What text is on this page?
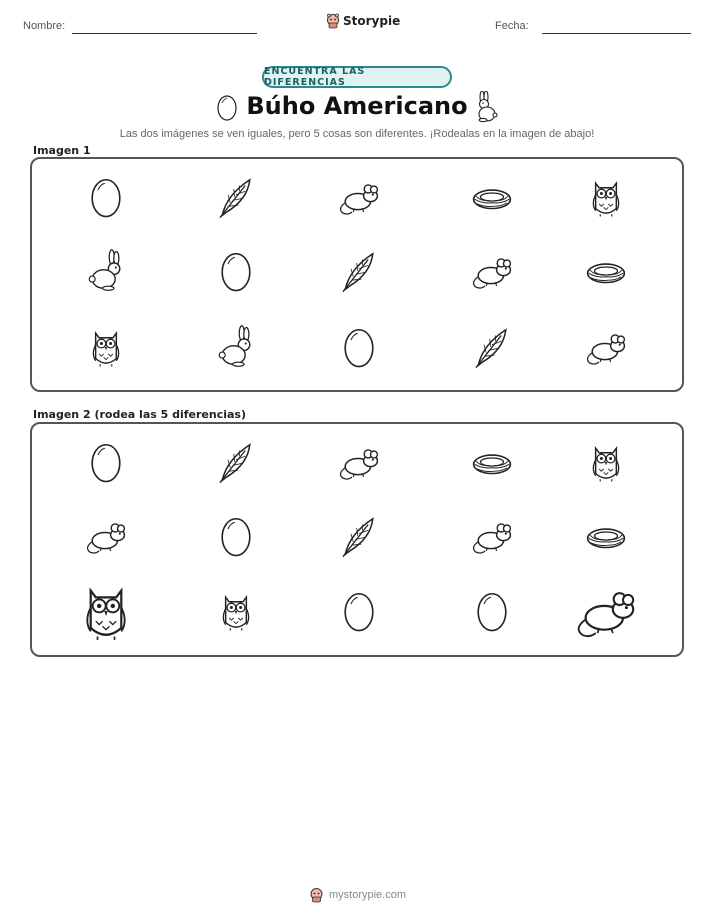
Nombre:	Storypie	Fecha:
ENCUENTRA LAS DIFERENCIAS
Búho Americano
Las dos imágenes se ven iguales, pero 5 cosas son diferentes. ¡Rodealas en la imagen de abajo!
Imagen 1
Imagen 2 (rodea las 5 diferencias)
mystorypie.com
